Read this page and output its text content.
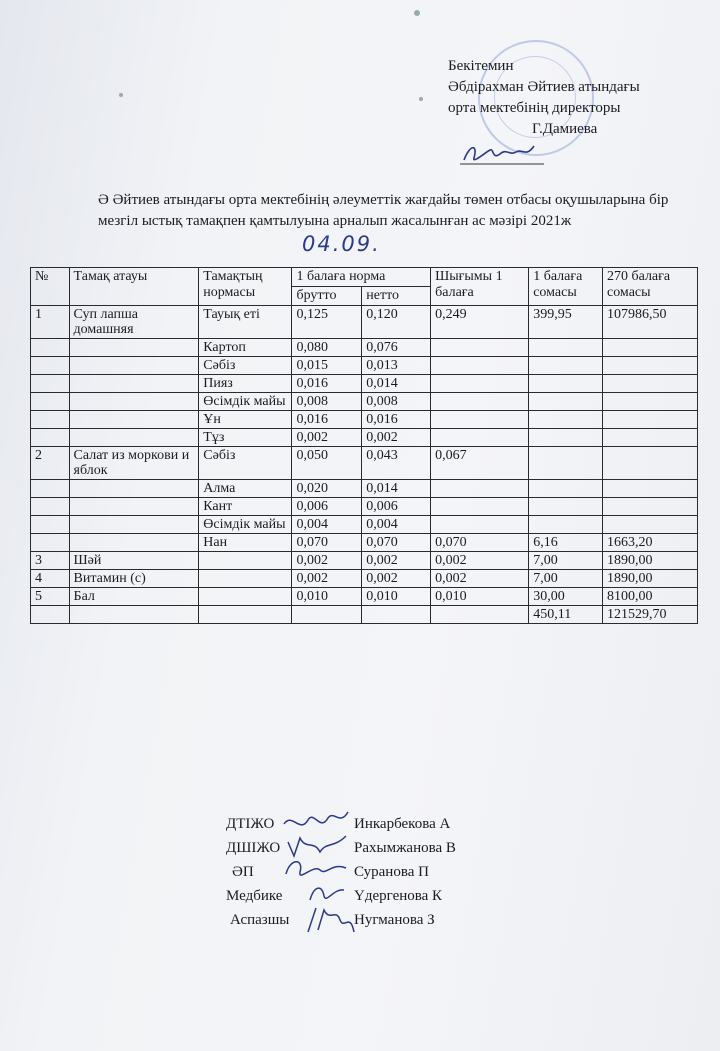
Бекітемин
Әбдірахман Әйтиев атындағы
орта мектебінің директоры
Г.Дамиева
Ә Әйтиев атындағы орта мектебінің әлеуметтік жағдайы төмен отбасы оқушыларына бір мезгіл ыстық тамақпен қамтылуына арналып жасалынған ас мәзірі 2021ж
04.09.
№	Тамақ атауы	Тамақтың нормасы	1 балаға норма		Шығымы 1 балаға	1 балаға сомасы	270 балаға сомасы
			брутто	нетто			
1	Суп лапша домашняя	Тауық еті	0,125	0,120	0,249	399,95	107986,50
		Картоп	0,080	0,076			
		Сәбіз	0,015	0,013			
		Пияз	0,016	0,014			
		Өсімдік майы	0,008	0,008			
		Ұн	0,016	0,016			
		Тұз	0,002	0,002			
2	Салат из моркови и яблок	Сәбіз	0,050	0,043	0,067		
		Алма	0,020	0,014			
		Кант	0,006	0,006			
		Өсімдік майы	0,004	0,004			
		Нан	0,070	0,070	0,070	6,16	1663,20
3	Шәй		0,002	0,002	0,002	7,00	1890,00
4	Витамин (с)		0,002	0,002	0,002	7,00	1890,00
5	Бал		0,010	0,010	0,010	30,00	8100,00
						450,11	121529,70
ДТІЖО	Инкарбекова А
ДШІЖО	Рахымжанова В
ӘП	Суранова П
Медбике	Үдергенова К
Аспазшы	Нугманова З
